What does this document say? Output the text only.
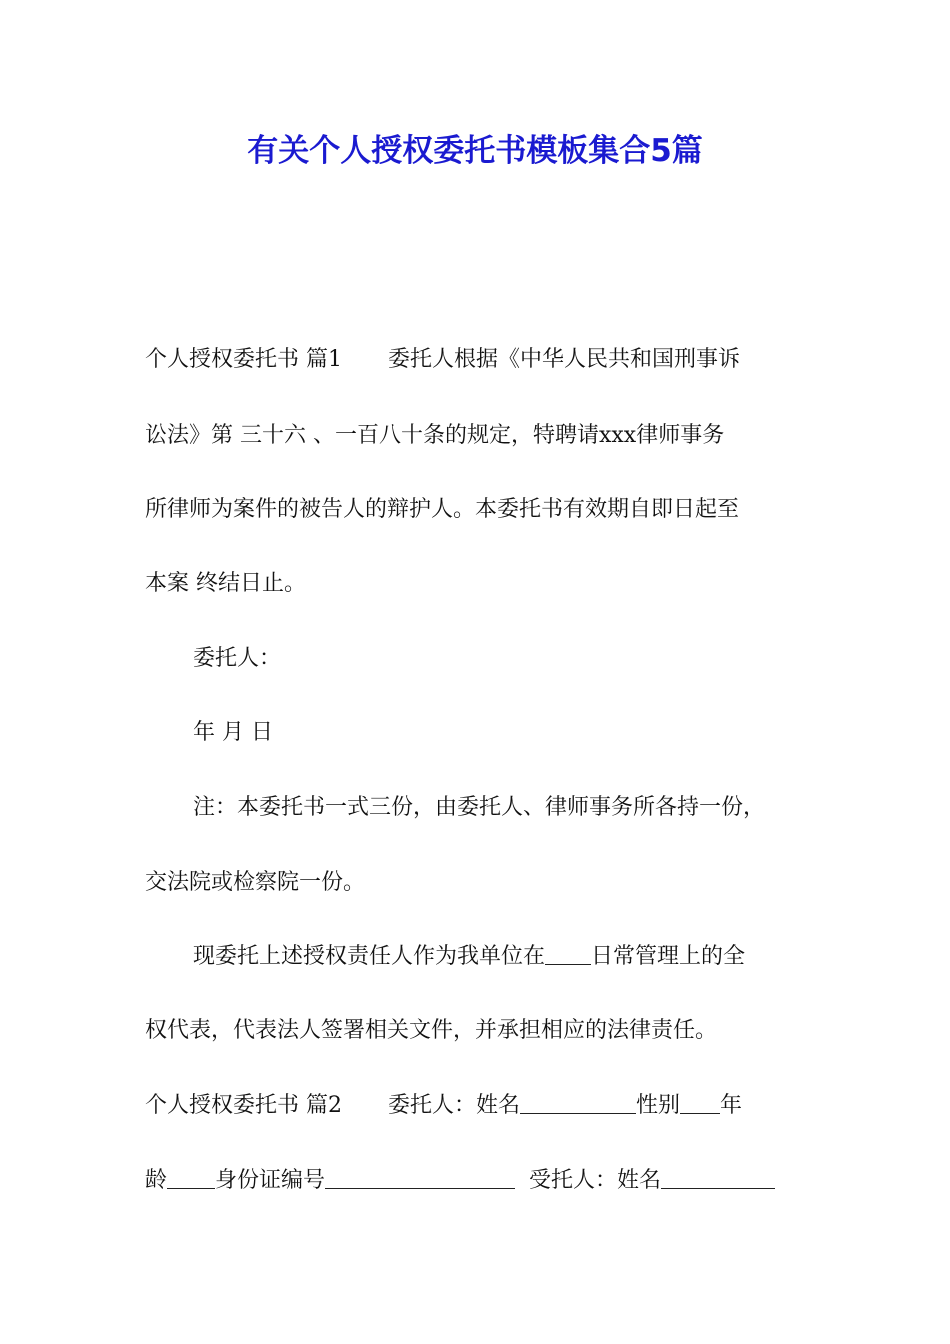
有关个人授权委托书模板集合5篇
个人授权委托书 篇1 委托人根据《中华人民共和国刑事诉
讼法》第 三十六 、一百八十条的规定，特聘请xxx律师事务
所律师为案件的被告人的辩护人。本委托书有效期自即日起至
本案 终结日止。
委托人：
年 月 日
注：本委托书一式三份，由委托人、律师事务所各持一份，
交法院或检察院一份。
现委托上述授权责任人作为我单位在 日常管理上的全
权代表，代表法人签署相关文件，并承担相应的法律责任。
个人授权委托书 篇2 委托人：姓名	性别 年
龄 身份证编号	受托人：姓名
